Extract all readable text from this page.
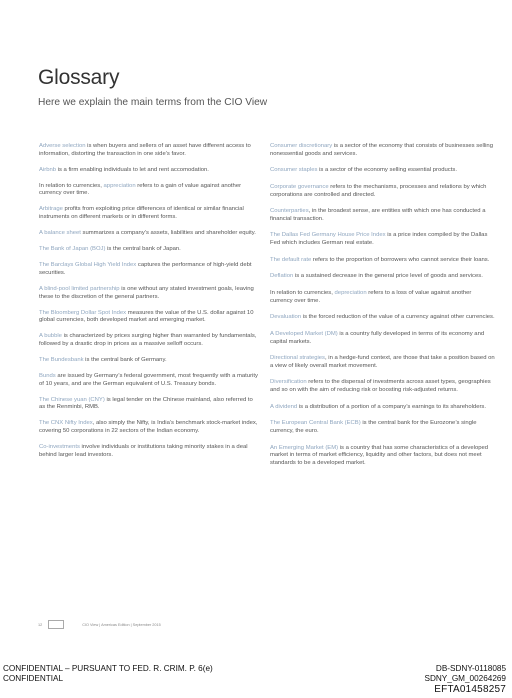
Glossary
Here we explain the main terms from the CIO View

Adverse selection is when buyers and sellers of an asset have different access to information, distorting the transaction in one side’s favor.

Airbnb is a firm enabling individuals to let and rent accomodation.

In relation to currencies, appreciation refers to a gain of value against another currency over time.

Arbitrage profits from exploiting price differences of identical or similar financial instruments on different markets or in different forms.

A balance sheet summarizes a company’s assets, liabilities and shareholder equity.

The Bank of Japan (BOJ) is the central bank of Japan.

The Barclays Global High Yield Index captures the performance of high-yield debt securities.

A blind-pool limited partnership is one without any stated investment goals, leaving these to the discretion of the general partners.

The Bloomberg Dollar Spot Index measures the value of the U.S. dollar against 10 global currencies, both developed market and emerging market.

A bubble is characterized by prices surging higher than warranted by fundamentals, followed by a drastic drop in prices as a massive selloff occurs.

The Bundesbank is the central bank of Germany.

Bunds are issued by Germany’s federal government, most frequently with a maturity of 10 years, and are the German equivalent of U.S. Treasury bonds.

The Chinese yuan (CNY) is legal tender on the Chinese mainland, also referred to as the Renminbi, RMB.

The CNX Nifty Index, also simply the Nifty, is India’s benchmark stock-market index, covering 50 corporations in 22 sectors of the Indian economy.

Co-investments involve individuals or institutions taking minority stakes in a deal behind larger lead investors.

Consumer discretionary is a sector of the economy that consists of businesses selling nonessential goods and services.

Consumer staples is a sector of the economy selling essential products.

Corporate governance refers to the mechanisms, processes and relations by which corporations are controlled and directed.

Counterparties, in the broadest sense, are entities with which one has conducted a financial transaction.

The Dallas Fed Germany House Price Index is a price index compiled by the Dallas Fed which includes German real estate.

The default rate refers to the proportion of borrowers who cannot service their loans.

Deflation is a sustained decrease in the general price level of goods and services.

In relation to currencies, depreciation refers to a loss of value against another currency over time.

Devaluation is the forced reduction of the value of a currency against other currencies.

A Developed Market (DM) is a country fully developed in terms of its economy and capital markets.

Directional strategies, in a hedge-fund context, are those that take a position based on a view of likely overall market movement.

Diversification refers to the dispersal of investments across asset types, geographies and so on with the aim of reducing risk or boosting risk-adjusted returns.

A dividend is a distribution of a portion of a company’s earnings to its shareholders.

The European Central Bank (ECB) is the central bank for the Eurozone’s single currency, the euro.

An Emerging Market (EM) is a country that has some characteristics of a developed market in terms of market efficiency, liquidity and other factors, but does not meet standards to be a developed market.

12	CIO View | Americas Edition | September 2015
CONFIDENTIAL – PURSUANT TO FED. R. CRIM. P. 6(e)
CONFIDENTIAL
DB-SDNY-0118085
SDNY_GM_00264269
EFTA01458257
